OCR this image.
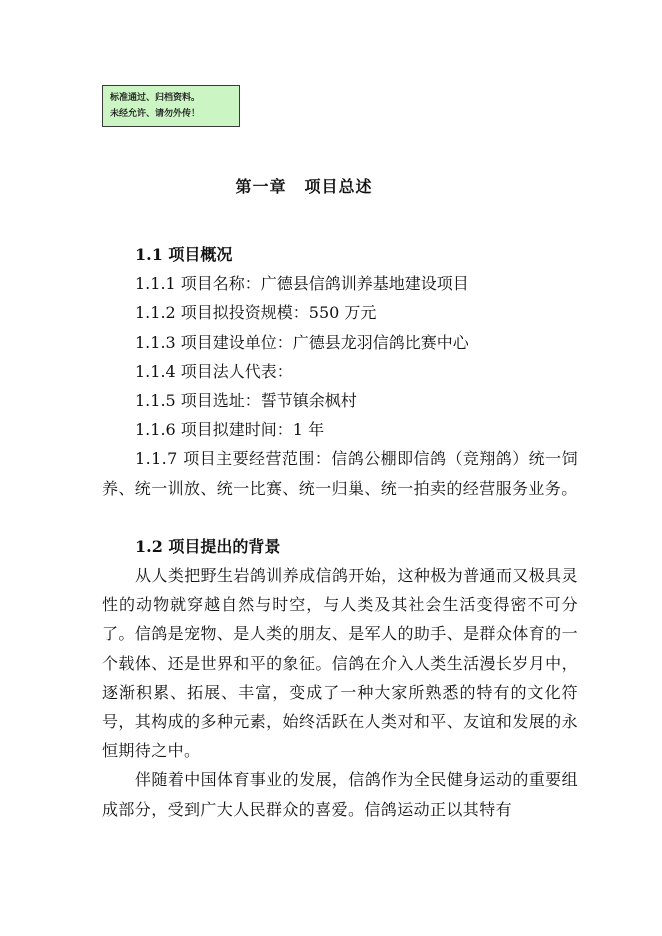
标准通过、归档资料。
未经允许、请勿外传！
第一章 项目总述
1.1 项目概况
1.1.1 项目名称：广德县信鸽训养基地建设项目
1.1.2 项目拟投资规模：550 万元
1.1.3 项目建设单位：广德县龙羽信鸽比赛中心
1.1.4 项目法人代表：
1.1.5 项目选址：誓节镇余枫村
1.1.6 项目拟建时间：1 年
1.1.7 项目主要经营范围：信鸽公棚即信鸽（竞翔鸽）统一饲养、统一训放、统一比赛、统一归巢、统一拍卖的经营服务业务。
1.2 项目提出的背景
从人类把野生岩鸽训养成信鸽开始，这种极为普通而又极具灵性的动物就穿越自然与时空，与人类及其社会生活变得密不可分了。信鸽是宠物、是人类的朋友、是军人的助手、是群众体育的一个载体、还是世界和平的象征。信鸽在介入人类生活漫长岁月中，逐渐积累、拓展、丰富，变成了一种大家所熟悉的特有的文化符号，其构成的多种元素，始终活跃在人类对和平、友谊和发展的永恒期待之中。
伴随着中国体育事业的发展，信鸽作为全民健身运动的重要组成部分，受到广大人民群众的喜爱。信鸽运动正以其特有
